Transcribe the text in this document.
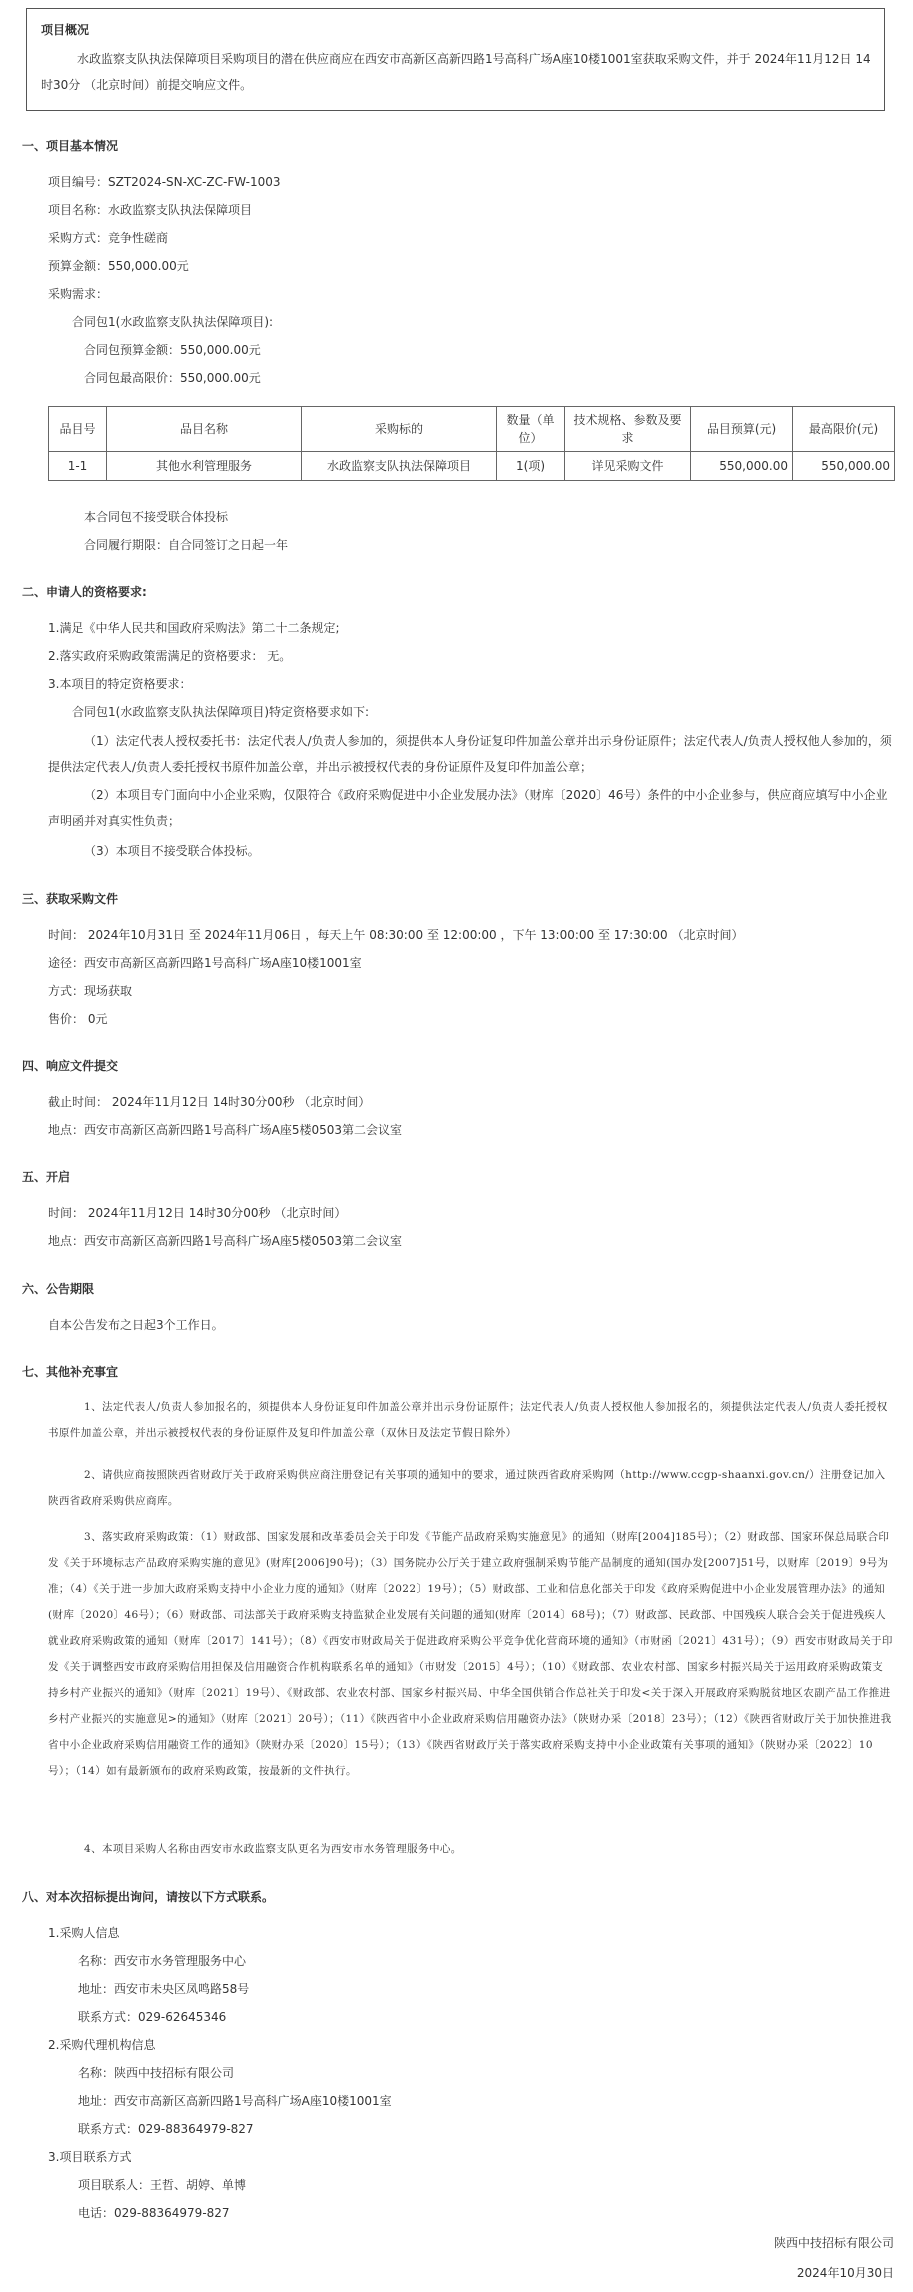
项目概况
水政监察支队执法保障项目采购项目的潜在供应商应在西安市高新区高新四路1号高科广场A座10楼1001室获取采购文件，并于 2024年11月12日 14时30分 （北京时间）前提交响应文件。
一、项目基本情况
项目编号：SZT2024-SN-XC-ZC-FW-1003
项目名称：水政监察支队执法保障项目
采购方式：竞争性磋商
预算金额：550,000.00元
采购需求：
合同包1(水政监察支队执法保障项目):
合同包预算金额：550,000.00元
合同包最高限价：550,000.00元
品目号	品目名称	采购标的	数量（单位）	技术规格、参数及要求	品目预算(元)	最高限价(元)
1-1	其他水利管理服务	水政监察支队执法保障项目	1(项)	详见采购文件	550,000.00	550,000.00
本合同包不接受联合体投标
合同履行期限：自合同签订之日起一年
二、申请人的资格要求:
1.满足《中华人民共和国政府采购法》第二十二条规定;
2.落实政府采购政策需满足的资格要求： 无。
3.本项目的特定资格要求：
合同包1(水政监察支队执法保障项目)特定资格要求如下:
（1）法定代表人授权委托书：法定代表人/负责人参加的，须提供本人身份证复印件加盖公章并出示身份证原件；法定代表人/负责人授权他人参加的，须提供法定代表人/负责人委托授权书原件加盖公章，并出示被授权代表的身份证原件及复印件加盖公章；
（2）本项目专门面向中小企业采购，仅限符合《政府采购促进中小企业发展办法》（财库〔2020〕46号）条件的中小企业参与，供应商应填写中小企业声明函并对真实性负责；
（3）本项目不接受联合体投标。
三、获取采购文件
时间： 2024年10月31日 至 2024年11月06日 ，每天上午 08:30:00 至 12:00:00 ，下午 13:00:00 至 17:30:00 （北京时间）
途径：西安市高新区高新四路1号高科广场A座10楼1001室
方式：现场获取
售价： 0元
四、响应文件提交
截止时间： 2024年11月12日 14时30分00秒 （北京时间）
地点：西安市高新区高新四路1号高科广场A座5楼0503第二会议室
五、开启
时间： 2024年11月12日 14时30分00秒 （北京时间）
地点：西安市高新区高新四路1号高科广场A座5楼0503第二会议室
六、公告期限
自本公告发布之日起3个工作日。
七、其他补充事宜
1、法定代表人/负责人参加报名的，须提供本人身份证复印件加盖公章并出示身份证原件；法定代表人/负责人授权他人参加报名的，须提供法定代表人/负责人委托授权书原件加盖公章，并出示被授权代表的身份证原件及复印件加盖公章（双休日及法定节假日除外）
2、请供应商按照陕西省财政厅关于政府采购供应商注册登记有关事项的通知中的要求，通过陕西省政府采购网（http://www.ccgp-shaanxi.gov.cn/）注册登记加入陕西省政府采购供应商库。
3、落实政府采购政策：（1）财政部、国家发展和改革委员会关于印发《节能产品政府采购实施意见》的通知（财库[2004]185号）；（2）财政部、国家环保总局联合印发《关于环境标志产品政府采购实施的意见》(财库[2006]90号)；（3）国务院办公厅关于建立政府强制采购节能产品制度的通知(国办发[2007]51号，以财库〔2019〕9号为准；（4）《关于进一步加大政府采购支持中小企业力度的通知》（财库〔2022〕19号）；（5）财政部、工业和信息化部关于印发《政府采购促进中小企业发展管理办法》的通知(财库〔2020〕46号）；（6）财政部、司法部关于政府采购支持监狱企业发展有关问题的通知(财库〔2014〕68号)；（7）财政部、民政部、中国残疾人联合会关于促进残疾人就业政府采购政策的通知（财库〔2017〕141号）；（8）《西安市财政局关于促进政府采购公平竞争优化营商环境的通知》（市财函〔2021〕431号）；（9）西安市财政局关于印发《关于调整西安市政府采购信用担保及信用融资合作机构联系名单的通知》（市财发〔2015〕4号）；（10）《财政部、农业农村部、国家乡村振兴局关于运用政府采购政策支持乡村产业振兴的通知》（财库〔2021〕19号）、《财政部、农业农村部、国家乡村振兴局、中华全国供销合作总社关于印发<关于深入开展政府采购脱贫地区农副产品工作推进乡村产业振兴的实施意见>的通知》（财库〔2021〕20号）；（11）《陕西省中小企业政府采购信用融资办法》（陕财办采〔2018〕23号）；（12）《陕西省财政厅关于加快推进我省中小企业政府采购信用融资工作的通知》（陕财办采〔2020〕15号）；（13）《陕西省财政厅关于落实政府采购支持中小企业政策有关事项的通知》（陕财办采〔2022〕10号）；（14）如有最新颁布的政府采购政策，按最新的文件执行。
4、本项目采购人名称由西安市水政监察支队更名为西安市水务管理服务中心。
八、对本次招标提出询问，请按以下方式联系。
1.采购人信息
名称：西安市水务管理服务中心
地址：西安市未央区凤鸣路58号
联系方式：029-62645346
2.采购代理机构信息
名称：陕西中技招标有限公司
地址：西安市高新区高新四路1号高科广场A座10楼1001室
联系方式：029-88364979-827
3.项目联系方式
项目联系人：王哲、胡婷、单博
电话：029-88364979-827
陕西中技招标有限公司
2024年10月30日
